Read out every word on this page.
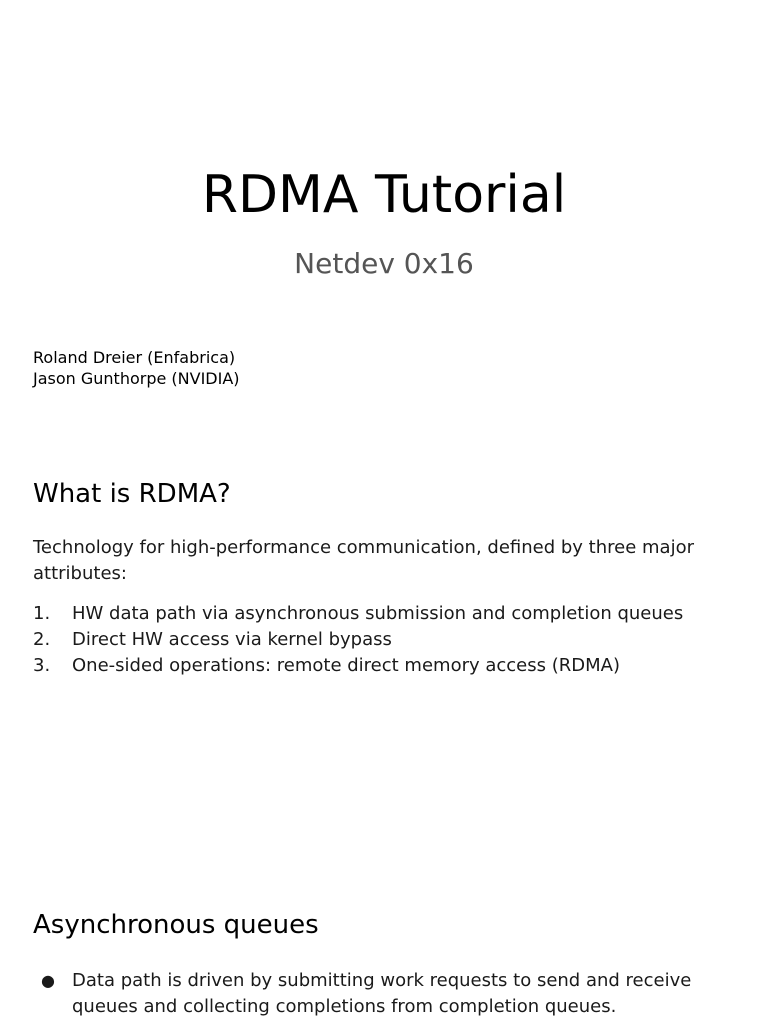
RDMA Tutorial
Netdev 0x16
Roland Dreier (Enfabrica)
Jason Gunthorpe (NVIDIA)
What is RDMA?

Technology for high-performance communication, defined by three major attributes:

1. HW data path via asynchronous submission and completion queues
2. Direct HW access via kernel bypass
3. One-sided operations: remote direct memory access (RDMA)
Asynchronous queues
● Data path is driven by submitting work requests to send and receive queues and collecting completions from completion queues.
